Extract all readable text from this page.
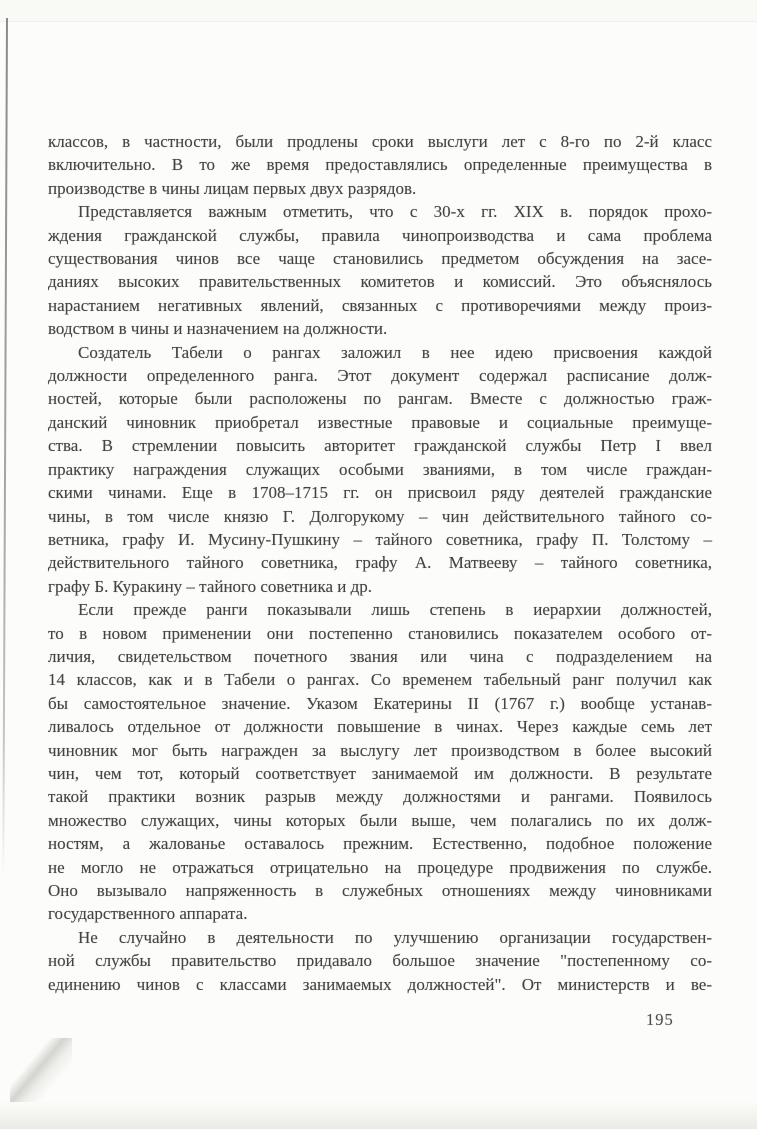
классов, в частности, были продлены сроки выслуги лет с 8-го по 2-й класс
включительно. В то же время предоставлялись определенные преимущества в
производстве в чины лицам первых двух разрядов.
Представляется важным отметить, что с 30-х гг. XIX в. порядок прохо-
ждения гражданской службы, правила чинопроизводства и сама проблема
существования чинов все чаще становились предметом обсуждения на засе-
даниях высоких правительственных комитетов и комиссий. Это объяснялось
нарастанием негативных явлений, связанных с противоречиями между произ-
водством в чины и назначением на должности.
Создатель Табели о рангах заложил в нее идею присвоения каждой
должности определенного ранга. Этот документ содержал расписание долж-
ностей, которые были расположены по рангам. Вместе с должностью граж-
данский чиновник приобретал известные правовые и социальные преимуще-
ства. В стремлении повысить авторитет гражданской службы Петр I ввел
практику награждения служащих особыми званиями, в том числе граждан-
скими чинами. Еще в 1708–1715 гг. он присвоил ряду деятелей гражданские
чины, в том числе князю Г. Долгорукому – чин действительного тайного со-
ветника, графу И. Мусину-Пушкину – тайного советника, графу П. Толстому –
действительного тайного советника, графу А. Матвееву – тайного советника,
графу Б. Куракину – тайного советника и др.
Если прежде ранги показывали лишь степень в иерархии должностей,
то в новом применении они постепенно становились показателем особого от-
личия, свидетельством почетного звания или чина с подразделением на
14 классов, как и в Табели о рангах. Со временем табельный ранг получил как
бы самостоятельное значение. Указом Екатерины II (1767 г.) вообще устанав-
ливалось отдельное от должности повышение в чинах. Через каждые семь лет
чиновник мог быть награжден за выслугу лет производством в более высокий
чин, чем тот, который соответствует занимаемой им должности. В результате
такой практики возник разрыв между должностями и рангами. Появилось
множество служащих, чины которых были выше, чем полагались по их долж-
ностям, а жалованье оставалось прежним. Естественно, подобное положение
не могло не отражаться отрицательно на процедуре продвижения по службе.
Оно вызывало напряженность в служебных отношениях между чиновниками
государственного аппарата.
Не случайно в деятельности по улучшению организации государствен-
ной службы правительство придавало большое значение "постепенному со-
единению чинов с классами занимаемых должностей". От министерств и ве-
195
